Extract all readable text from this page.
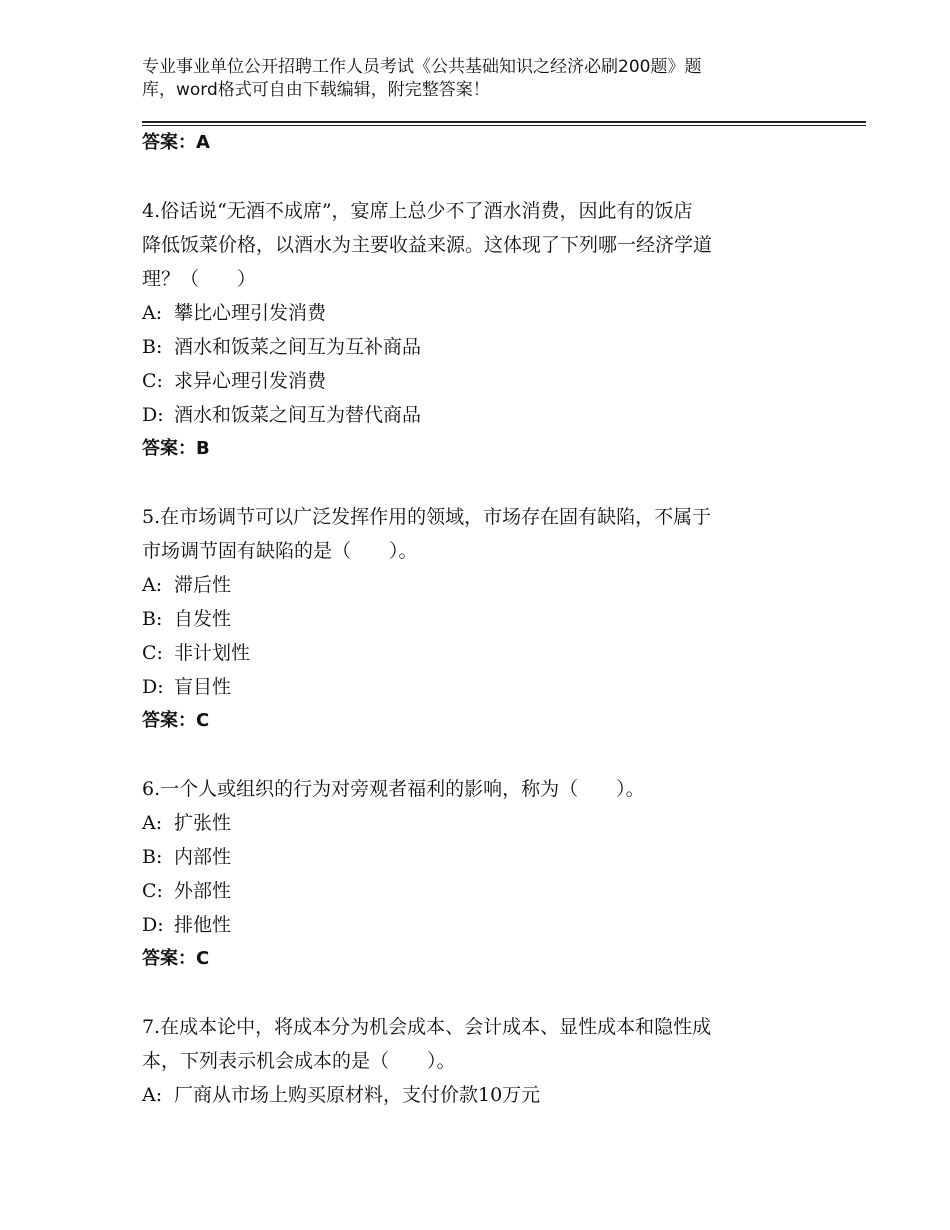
专业事业单位公开招聘工作人员考试《公共基础知识之经济必刷200题》题
库，word格式可自由下载编辑，附完整答案！
答案：A
4.俗话说“无酒不成席”，宴席上总少不了酒水消费，因此有的饭店
降低饭菜价格，以酒水为主要收益来源。这体现了下列哪一经济学道
理？（　　）
A: 攀比心理引发消费
B: 酒水和饭菜之间互为互补商品
C: 求异心理引发消费
D: 酒水和饭菜之间互为替代商品
答案：B
5.在市场调节可以广泛发挥作用的领域，市场存在固有缺陷，不属于
市场调节固有缺陷的是（　　）。
A: 滞后性
B: 自发性
C: 非计划性
D: 盲目性
答案：C
6.一个人或组织的行为对旁观者福利的影响，称为（　　）。
A: 扩张性
B: 内部性
C: 外部性
D: 排他性
答案：C
7.在成本论中，将成本分为机会成本、会计成本、显性成本和隐性成
本，下列表示机会成本的是（　　）。
A: 厂商从市场上购买原材料，支付价款10万元
